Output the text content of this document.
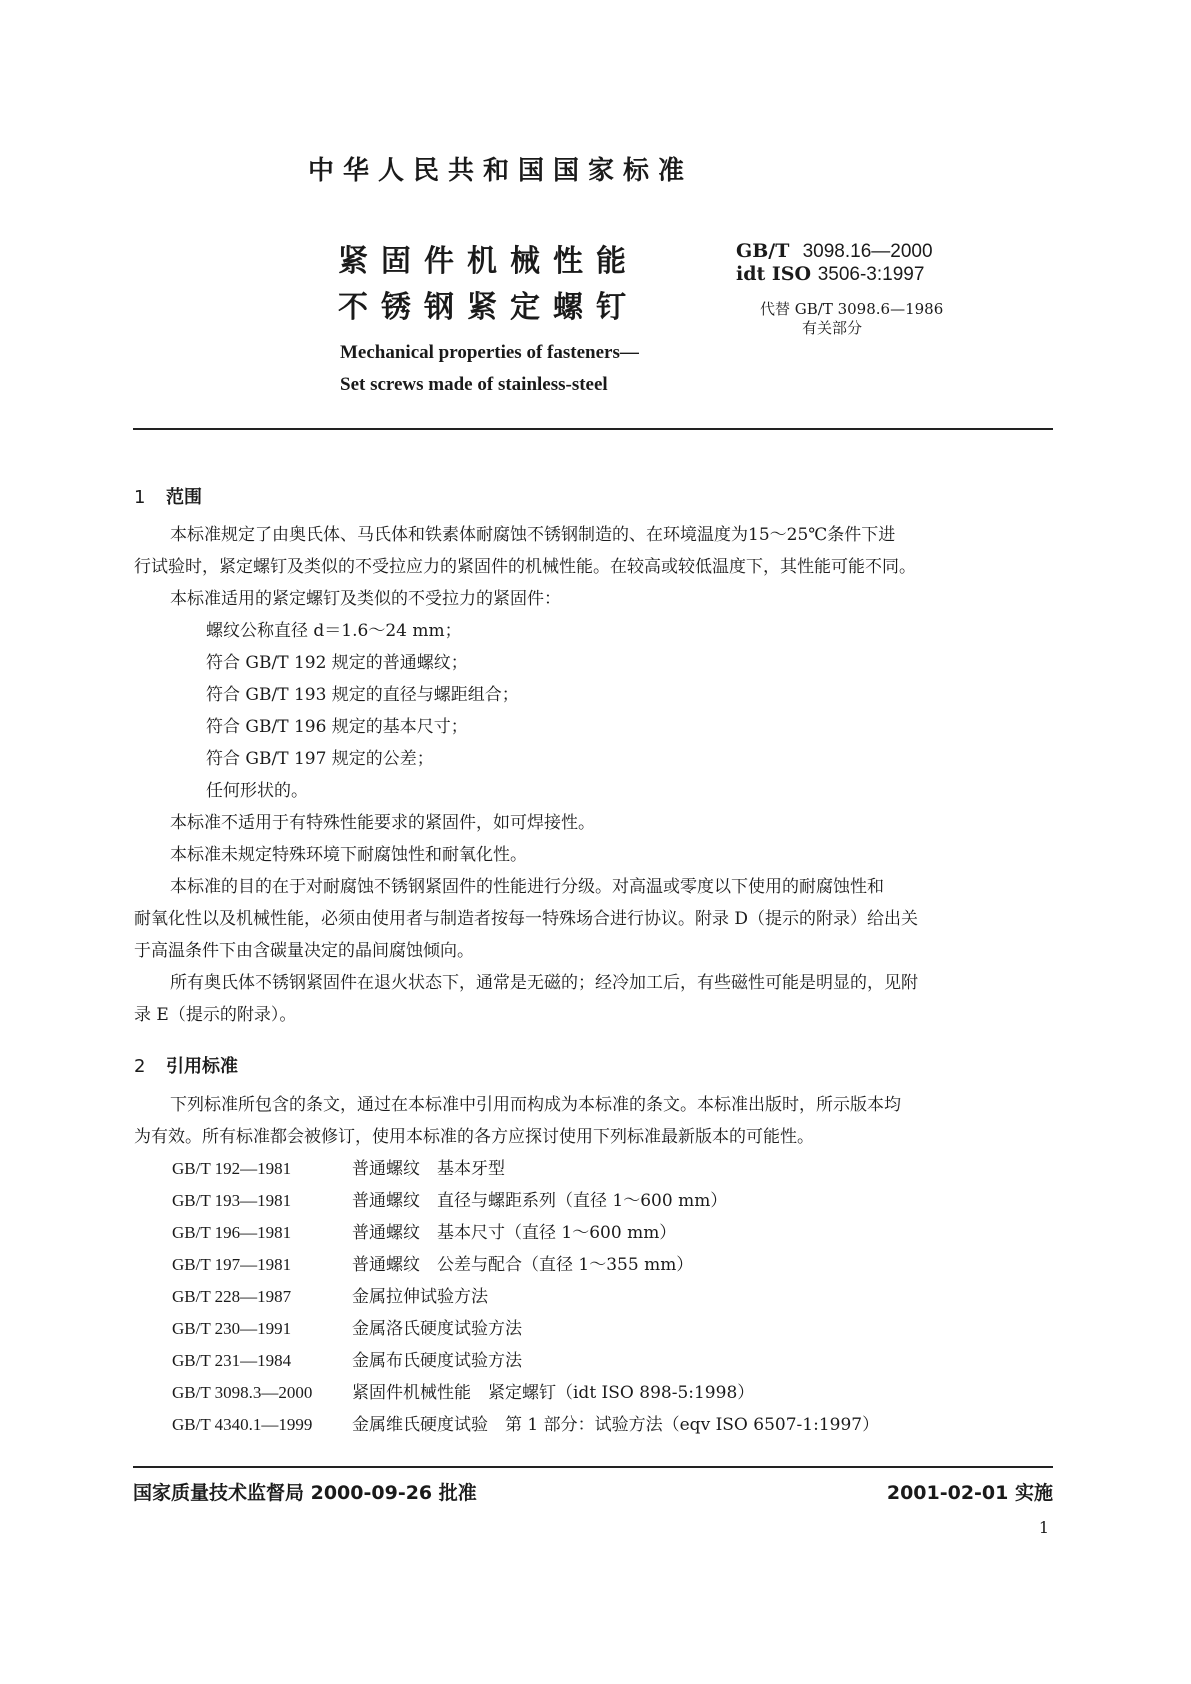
中华人民共和国国家标准
紧固件机械性能
不锈钢紧定螺钉
GB/T 3098.16—2000
idt ISO 3506-3:1997
代替 GB/T 3098.6—1986
有关部分
Mechanical properties of fasteners—
Set screws made of stainless-steel
1 范围
本标准规定了由奥氏体、马氏体和铁素体耐腐蚀不锈钢制造的、在环境温度为15～25℃条件下进
行试验时，紧定螺钉及类似的不受拉应力的紧固件的机械性能。在较高或较低温度下，其性能可能不同。
本标准适用的紧定螺钉及类似的不受拉力的紧固件：
螺纹公称直径 d＝1.6～24 mm；
符合 GB/T 192 规定的普通螺纹；
符合 GB/T 193 规定的直径与螺距组合；
符合 GB/T 196 规定的基本尺寸；
符合 GB/T 197 规定的公差；
任何形状的。
本标准不适用于有特殊性能要求的紧固件，如可焊接性。
本标准未规定特殊环境下耐腐蚀性和耐氧化性。
本标准的目的在于对耐腐蚀不锈钢紧固件的性能进行分级。对高温或零度以下使用的耐腐蚀性和
耐氧化性以及机械性能，必须由使用者与制造者按每一特殊场合进行协议。附录 D（提示的附录）给出关
于高温条件下由含碳量决定的晶间腐蚀倾向。
所有奥氏体不锈钢紧固件在退火状态下，通常是无磁的；经冷加工后，有些磁性可能是明显的，见附
录 E（提示的附录）。
2 引用标准
下列标准所包含的条文，通过在本标准中引用而构成为本标准的条文。本标准出版时，所示版本均
为有效。所有标准都会被修订，使用本标准的各方应探讨使用下列标准最新版本的可能性。
GB/T 192—1981	普通螺纹　基本牙型
GB/T 193—1981	普通螺纹　直径与螺距系列（直径 1～600 mm）
GB/T 196—1981	普通螺纹　基本尺寸（直径 1～600 mm）
GB/T 197—1981	普通螺纹　公差与配合（直径 1～355 mm）
GB/T 228—1987	金属拉伸试验方法
GB/T 230—1991	金属洛氏硬度试验方法
GB/T 231—1984	金属布氏硬度试验方法
GB/T 3098.3—2000 紧固件机械性能　紧定螺钉（idt ISO 898-5:1998）
GB/T 4340.1—1999 金属维氏硬度试验　第 1 部分：试验方法（eqv ISO 6507-1:1997）
国家质量技术监督局 2000-09-26 批准	2001-02-01 实施
1
